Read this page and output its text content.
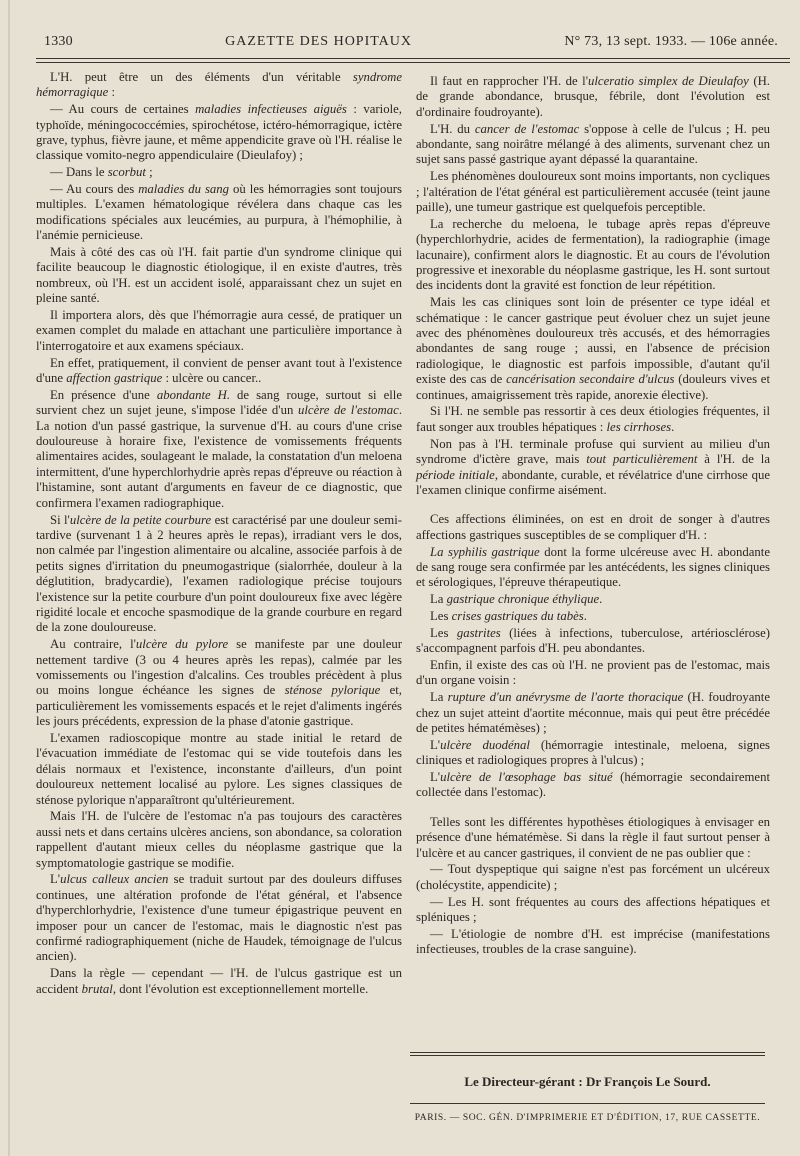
1330	GAZETTE DES HOPITAUX	N° 73, 13 sept. 1933. — 106e année.

L'H. peut être un des éléments d'un véritable syndrome hémorragique :

— Au cours de certaines maladies infectieuses aiguës : variole, typhoïde, méningococcémies, spirochétose, ictéro-hémorragique, ictère grave, typhus, fièvre jaune, et même appendicite grave où l'H. réalise le classique vomito-negro appendiculaire (Dieulafoy) ;

— Dans le scorbut ;

— Au cours des maladies du sang où les hémorragies sont toujours multiples. L'examen hématologique révélera dans chaque cas les modifications spéciales aux leucémies, au purpura, à l'hémophilie, à l'anémie pernicieuse.

Mais à côté des cas où l'H. fait partie d'un syndrome clinique qui facilite beaucoup le diagnostic étiologique, il en existe d'autres, très nombreux, où l'H. est un accident isolé, apparaissant chez un sujet en pleine santé.

Il importera alors, dès que l'hémorragie aura cessé, de pratiquer un examen complet du malade en attachant une particulière importance à l'interrogatoire et aux examens spéciaux.

En effet, pratiquement, il convient de penser avant tout à l'existence d'une affection gastrique : ulcère ou cancer..

En présence d'une abondante H. de sang rouge, surtout si elle survient chez un sujet jeune, s'impose l'idée d'un ulcère de l'estomac. La notion d'un passé gastrique, la survenue d'H. au cours d'une crise douloureuse à horaire fixe, l'existence de vomissements fréquents alimentaires acides, soulageant le malade, la constatation d'un meloena intermittent, d'une hyperchlorhydrie après repas d'épreuve ou réaction à l'histamine, sont autant d'arguments en faveur de ce diagnostic, que confirmera l'examen radiographique.

Si l'ulcère de la petite courbure est caractérisé par une douleur semi-tardive (survenant 1 à 2 heures après le repas), irradiant vers le dos, non calmée par l'ingestion alimentaire ou alcaline, associée parfois à de petits signes d'irritation du pneumogastrique (sialorrhée, douleur à la déglutition, bradycardie), l'examen radiologique précise toujours l'existence sur la petite courbure d'un point douloureux fixe avec légère rigidité locale et encoche spasmodique de la grande courbure en regard de la zone douloureuse.

Au contraire, l'ulcère du pylore se manifeste par une douleur nettement tardive (3 ou 4 heures après les repas), calmée par les vomissements ou l'ingestion d'alcalins. Ces troubles précèdent à plus ou moins longue échéance les signes de sténose pylorique et, particulièrement les vomissements espacés et le rejet d'aliments ingérés les jours précédents, expression de la phase d'atonie gastrique.

L'examen radioscopique montre au stade initial le retard de l'évacuation immédiate de l'estomac qui se vide toutefois dans les délais normaux et l'existence, inconstante d'ailleurs, d'un point douloureux nettement localisé au pylore. Les signes classiques de sténose pylorique n'apparaîtront qu'ultérieurement.

Mais l'H. de l'ulcère de l'estomac n'a pas toujours des caractères aussi nets et dans certains ulcères anciens, son abondance, sa coloration rappellent d'autant mieux celles du néoplasme gastrique que la symptomatologie gastrique se modifie.

L'ulcus calleux ancien se traduit surtout par des douleurs diffuses continues, une altération profonde de l'état général, et l'absence d'hyperchlorhydrie, l'existence d'une tumeur épigastrique peuvent en imposer pour un cancer de l'estomac, mais le diagnostic n'est pas confirmé radiographiquement (niche de Haudek, témoignage de l'ulcus ancien).

Dans la règle — cependant — l'H. de l'ulcus gastrique est un accident brutal, dont l'évolution est exceptionnellement mortelle.

Il faut en rapprocher l'H. de l'ulceratio simplex de Dieulafoy (H. de grande abondance, brusque, fébrile, dont l'évolution est d'ordinaire foudroyante).

L'H. du cancer de l'estomac s'oppose à celle de l'ulcus ; H. peu abondante, sang noirâtre mélangé à des aliments, survenant chez un sujet sans passé gastrique ayant dépassé la quarantaine.

Les phénomènes douloureux sont moins importants, non cycliques ; l'altération de l'état général est particulièrement accusée (teint jaune paille), une tumeur gastrique est quelquefois perceptible.

La recherche du meloena, le tubage après repas d'épreuve (hyperchlorhydrie, acides de fermentation), la radiographie (image lacunaire), confirment alors le diagnostic. Et au cours de l'évolution progressive et inexorable du néoplasme gastrique, les H. sont surtout des incidents dont la gravité est fonction de leur répétition.

Mais les cas cliniques sont loin de présenter ce type idéal et schématique : le cancer gastrique peut évoluer chez un sujet jeune avec des phénomènes douloureux très accusés, et des hémorragies abondantes de sang rouge ; aussi, en l'absence de précision radiologique, le diagnostic est parfois impossible, d'autant qu'il existe des cas de cancérisation secondaire d'ulcus (douleurs vives et continues, amaigrissement très rapide, anorexie élective).

Si l'H. ne semble pas ressortir à ces deux étiologies fréquentes, il faut songer aux troubles hépatiques : les cirrhoses.

Non pas à l'H. terminale profuse qui survient au milieu d'un syndrome d'ictère grave, mais tout particulièrement à l'H. de la période initiale, abondante, curable, et révélatrice d'une cirrhose que l'examen clinique confirme aisément.

Ces affections éliminées, on est en droit de songer à d'autres affections gastriques susceptibles de se compliquer d'H. :

La syphilis gastrique dont la forme ulcéreuse avec H. abondante de sang rouge sera confirmée par les antécédents, les signes cliniques et sérologiques, l'épreuve thérapeutique.

La gastrique chronique éthylique.

Les crises gastriques du tabès.

Les gastrites (liées à infections, tuberculose, artériosclérose) s'accompagnent parfois d'H. peu abondantes.

Enfin, il existe des cas où l'H. ne provient pas de l'estomac, mais d'un organe voisin :

La rupture d'un anévrysme de l'aorte thoracique (H. foudroyante chez un sujet atteint d'aortite méconnue, mais qui peut être précédée de petites hématémèses) ;

L'ulcère duodénal (hémorragie intestinale, meloena, signes cliniques et radiologiques propres à l'ulcus) ;

L'ulcère de l'œsophage bas situé (hémorragie secondairement collectée dans l'estomac).

Telles sont les différentes hypothèses étiologiques à envisager en présence d'une hématémèse. Si dans la règle il faut surtout penser à l'ulcère et au cancer gastriques, il convient de ne pas oublier que :

— Tout dyspeptique qui saigne n'est pas forcément un ulcéreux (cholécystite, appendicite) ;

— Les H. sont fréquentes au cours des affections hépatiques et spléniques ;

— L'étiologie de nombre d'H. est imprécise (manifestations infectieuses, troubles de la crase sanguine).

Le Directeur-gérant : Dr François Le Sourd.
PARIS. — SOC. GÉN. D'IMPRIMERIE ET D'ÉDITION, 17, RUE CASSETTE.
